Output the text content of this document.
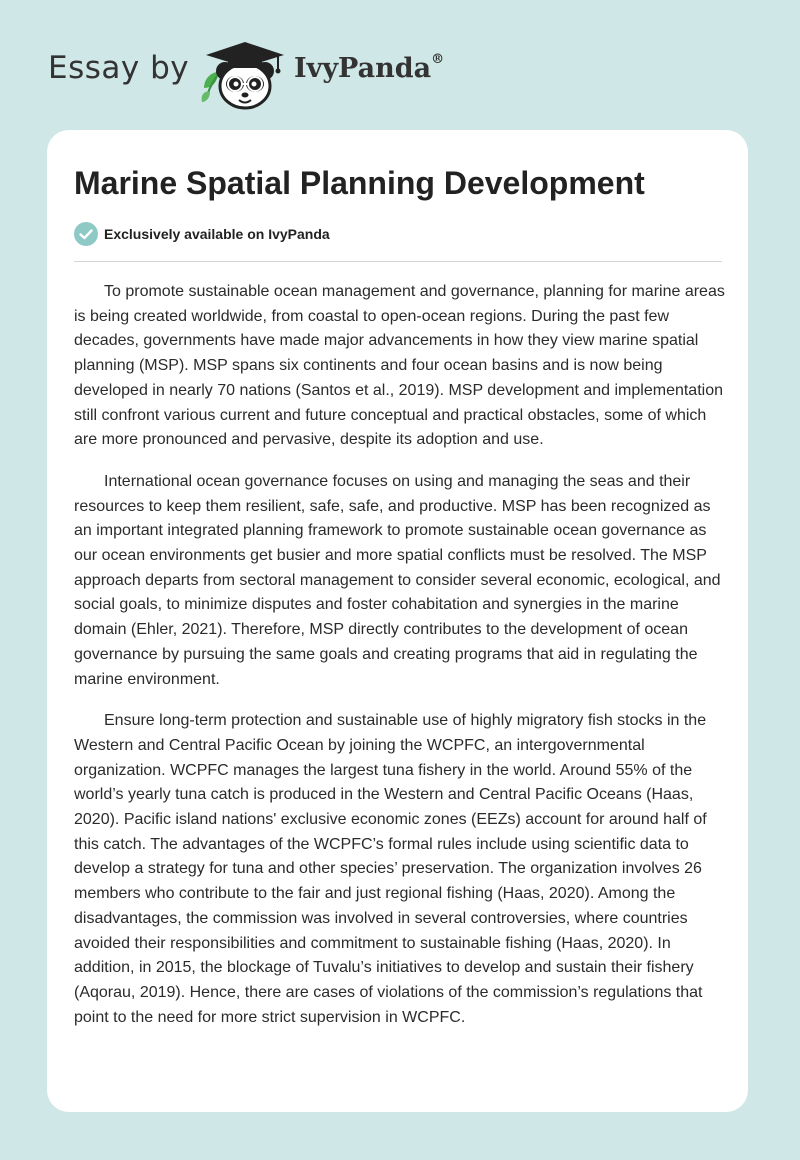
Essay by	IvyPanda®
Marine Spatial Planning Development
Exclusively available on IvyPanda

To promote sustainable ocean management and governance, planning for marine areas is being created worldwide, from coastal to open-ocean regions. During the past few decades, governments have made major advancements in how they view marine spatial planning (MSP). MSP spans six continents and four ocean basins and is now being developed in nearly 70 nations (Santos et al., 2019). MSP development and implementation still confront various current and future conceptual and practical obstacles, some of which are more pronounced and pervasive, despite its adoption and use.

International ocean governance focuses on using and managing the seas and their resources to keep them resilient, safe, safe, and productive. MSP has been recognized as an important integrated planning framework to promote sustainable ocean governance as our ocean environments get busier and more spatial conflicts must be resolved. The MSP approach departs from sectoral management to consider several economic, ecological, and social goals, to minimize disputes and foster cohabitation and synergies in the marine domain (Ehler, 2021). Therefore, MSP directly contributes to the development of ocean governance by pursuing the same goals and creating programs that aid in regulating the marine environment.

Ensure long-term protection and sustainable use of highly migratory fish stocks in the Western and Central Pacific Ocean by joining the WCPFC, an intergovernmental organization. WCPFC manages the largest tuna fishery in the world. Around 55% of the world’s yearly tuna catch is produced in the Western and Central Pacific Oceans (Haas, 2020). Pacific island nations' exclusive economic zones (EEZs) account for around half of this catch. The advantages of the WCPFC’s formal rules include using scientific data to develop a strategy for tuna and other species’ preservation. The organization involves 26 members who contribute to the fair and just regional fishing (Haas, 2020). Among the disadvantages, the commission was involved in several controversies, where countries avoided their responsibilities and commitment to sustainable fishing (Haas, 2020). In addition, in 2015, the blockage of Tuvalu’s initiatives to develop and sustain their fishery (Aqorau, 2019). Hence, there are cases of violations of the commission’s regulations that point to the need for more strict supervision in WCPFC.
